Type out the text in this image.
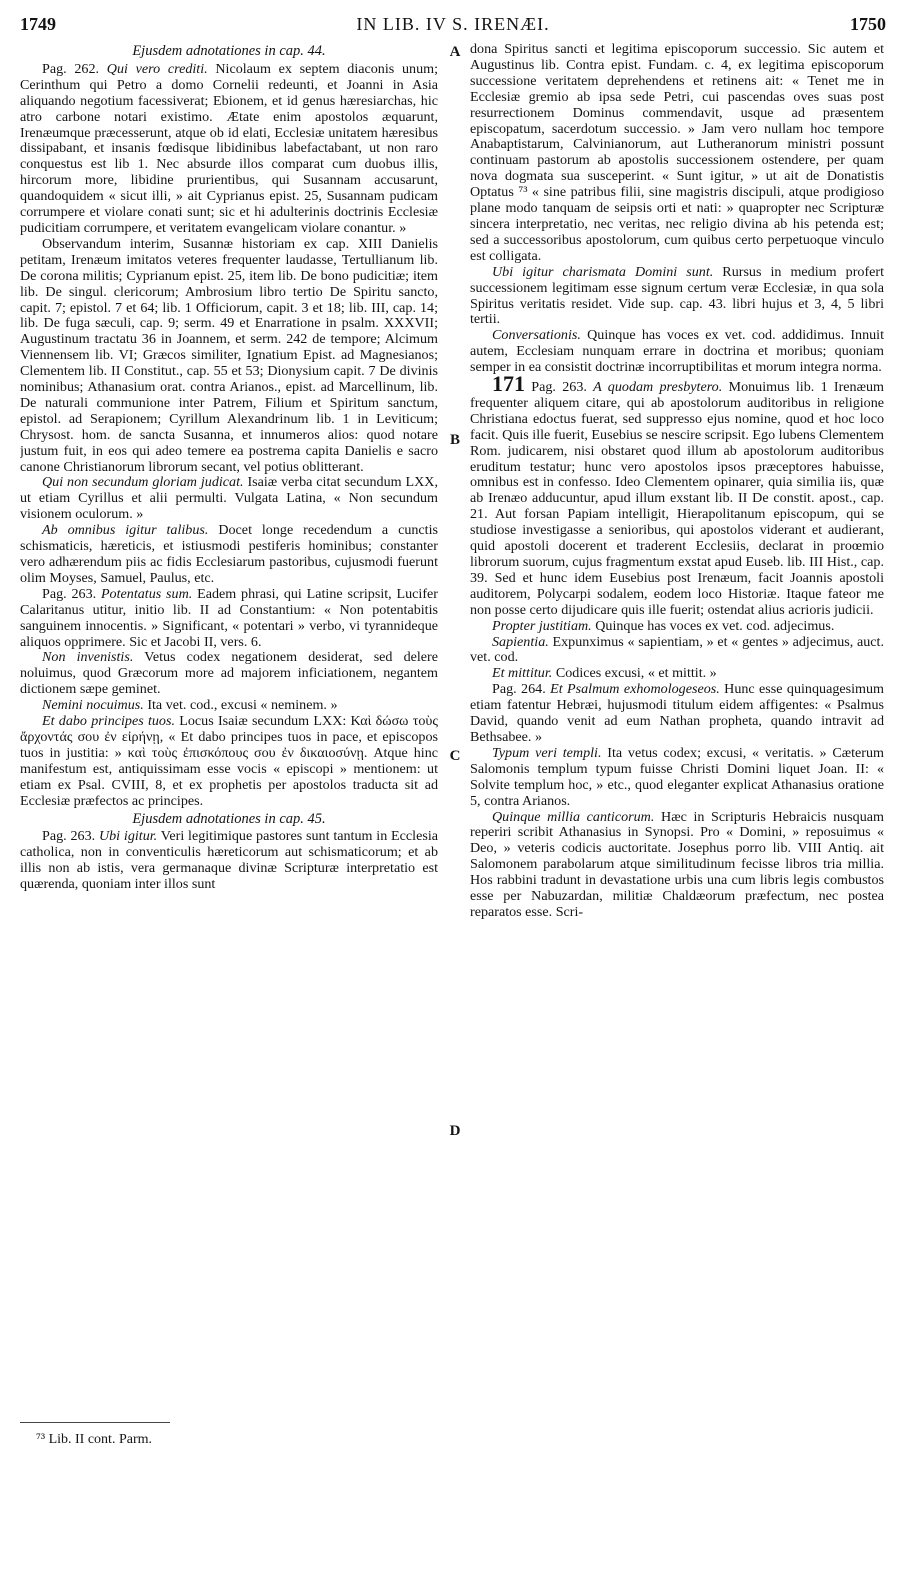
1749	IN LIB. IV S. IRENÆI.	1750
A
B
C
D
Ejusdem adnotationes in cap. 44.

Pag. 262. Qui vero crediti. Nicolaum ex septem diaconis unum; Cerinthum qui Petro a domo Cornelii redeunti, et Joanni in Asia aliquando negotium facessiverat; Ebionem, et id genus hæresiarchas, hic atro carbone notari existimo. Ætate enim apostolos æquarunt, Irenæumque præcesserunt, atque ob id elati, Ecclesiæ unitatem hæresibus dissipabant, et insanis fœdisque libidinibus labefactabant, ut non raro conquestus est lib 1. Nec absurde illos comparat cum duobus illis, hircorum more, libidine prurientibus, qui Susannam accusarunt, quandoquidem « sicut illi, » ait Cyprianus epist. 25, Susannam pudicam corrumpere et violare conati sunt; sic et hi adulterinis doctrinis Ecclesiæ pudicitiam corrumpere, et veritatem evangelicam violare conantur. »

Observandum interim, Susannæ historiam ex cap. XIII Danielis petitam, Irenæum imitatos veteres frequenter laudasse, Tertullianum lib. De corona militis; Cyprianum epist. 25, item lib. De bono pudicitiæ; item lib. De singul. clericorum; Ambrosium libro tertio De Spiritu sancto, capit. 7; epistol. 7 et 64; lib. 1 Officiorum, capit. 3 et 18; lib. III, cap. 14; lib. De fuga sæculi, cap. 9; serm. 49 et Enarratione in psalm. XXXVII; Augustinum tractatu 36 in Joannem, et serm. 242 de tempore; Alcimum Viennensem lib. VI; Græcos similiter, Ignatium Epist. ad Magnesianos; Clementem lib. II Constitut., cap. 55 et 53; Dionysium capit. 7 De divinis nominibus; Athanasium orat. contra Arianos., epist. ad Marcellinum, lib. De naturali communione inter Patrem, Filium et Spiritum sanctum, epistol. ad Serapionem; Cyrillum Alexandrinum lib. 1 in Leviticum; Chrysost. hom. de sancta Susanna, et innumeros alios: quod notare justum fuit, in eos qui adeo temere ea postrema capita Danielis e sacro canone Christianorum librorum secant, vel potius oblitterant.

Qui non secundum gloriam judicat. Isaiæ verba citat secundum LXX, ut etiam Cyrillus et alii permulti. Vulgata Latina, « Non secundum visionem oculorum. »

Ab omnibus igitur talibus. Docet longe recedendum a cunctis schismaticis, hæreticis, et istiusmodi pestiferis hominibus; constanter vero adhærendum piis ac fidis Ecclesiarum pastoribus, cujusmodi fuerunt olim Moyses, Samuel, Paulus, etc.

Pag. 263. Potentatus sum. Eadem phrasi, qui Latine scripsit, Lucifer Calaritanus utitur, initio lib. II ad Constantium: « Non potentabitis sanguinem innocentis. » Significant, « potentari » verbo, vi tyrannideque aliquos opprimere. Sic et Jacobi II, vers. 6.

Non invenistis. Vetus codex negationem desiderat, sed delere noluimus, quod Græcorum more ad majorem inficiationem, negantem dictionem sæpe geminet.

Nemini nocuimus. Ita vet. cod., excusi « neminem. »

Et dabo principes tuos. Locus Isaiæ secundum LXX: Καὶ δώσω τοὺς ἄρχοντάς σου ἐν εἰρήνῃ, « Et dabo principes tuos in pace, et episcopos tuos in justitia: » καὶ τοὺς ἐπισκόπους σου ἐν δικαιοσύνῃ. Atque hinc manifestum est, antiquissimam esse vocis « episcopi » mentionem: ut etiam ex Psal. CVIII, 8, et ex prophetis per apostolos traducta sit ad Ecclesiæ præfectos ac principes.

Ejusdem adnotationes in cap. 45.

Pag. 263. Ubi igitur. Veri legitimique pastores sunt tantum in Ecclesia catholica, non in conventiculis hæreticorum aut schismaticorum; et ab illis non ab istis, vera germanaque divinæ Scripturæ interpretatio est quærenda, quoniam inter illos sunt

dona Spiritus sancti et legitima episcoporum successio. Sic autem et Augustinus lib. Contra epist. Fundam. c. 4, ex legitima episcoporum successione veritatem deprehendens et retinens ait: « Tenet me in Ecclesiæ gremio ab ipsa sede Petri, cui pascendas oves suas post resurrectionem Dominus commendavit, usque ad præsentem episcopatum, sacerdotum successio. » Jam vero nullam hoc tempore Anabaptistarum, Calvinianorum, aut Lutheranorum ministri possunt continuam pastorum ab apostolis successionem ostendere, per quam nova dogmata sua susceperint. « Sunt igitur, » ut ait de Donatistis Optatus ⁷³ « sine patribus filii, sine magistris discipuli, atque prodigioso plane modo tanquam de seipsis orti et nati: » quapropter nec Scripturæ sincera interpretatio, nec veritas, nec religio divina ab his petenda est; sed a successoribus apostolorum, cum quibus certo perpetuoque vinculo est colligata.

Ubi igitur charismata Domini sunt. Rursus in medium profert successionem legitimam esse signum certum veræ Ecclesiæ, in qua sola Spiritus veritatis residet. Vide sup. cap. 43. libri hujus et 3, 4, 5 libri tertii.

Conversationis. Quinque has voces ex vet. cod. addidimus. Innuit autem, Ecclesiam nunquam errare in doctrina et moribus; quoniam semper in ea consistit doctrinæ incorruptibilitas et morum integra norma.

171 Pag. 263. A quodam presbytero. Monuimus lib. 1 Irenæum frequenter aliquem citare, qui ab apostolorum auditoribus in religione Christiana edoctus fuerat, sed suppresso ejus nomine, quod et hoc loco facit. Quis ille fuerit, Eusebius se nescire scripsit. Ego lubens Clementem Rom. judicarem, nisi obstaret quod illum ab apostolorum auditoribus eruditum testatur; hunc vero apostolos ipsos præceptores habuisse, omnibus est in confesso. Ideo Clementem opinarer, quia similia iis, quæ ab Irenæo adducuntur, apud illum exstant lib. II De constit. apost., cap. 21. Aut forsan Papiam intelligit, Hierapolitanum episcopum, qui se studiose investigasse a senioribus, qui apostolos viderant et audierant, quid apostoli docerent et traderent Ecclesiis, declarat in proœmio librorum suorum, cujus fragmentum exstat apud Euseb. lib. III Hist., cap. 39. Sed et hunc idem Eusebius post Irenæum, facit Joannis apostoli auditorem, Polycarpi sodalem, eodem loco Historiæ. Itaque fateor me non posse certo dijudicare quis ille fuerit; ostendat alius acrioris judicii.

Propter justitiam. Quinque has voces ex vet. cod. adjecimus.

Sapientia. Expunximus « sapientiam, » et « gentes » adjecimus, auct. vet. cod.

Et mittitur. Codices excusi, « et mittit. »

Pag. 264. Et Psalmum exhomologeseos. Hunc esse quinquagesimum etiam fatentur Hebræi, hujusmodi titulum eidem affigentes: « Psalmus David, quando venit ad eum Nathan propheta, quando intravit ad Bethsabee. »

Typum veri templi. Ita vetus codex; excusi, « veritatis. » Cæterum Salomonis templum typum fuisse Christi Domini liquet Joan. II: « Solvite templum hoc, » etc., quod eleganter explicat Athanasius oratione 5, contra Arianos.

Quinque millia canticorum. Hæc in Scripturis Hebraicis nusquam reperiri scribit Athanasius in Synopsi. Pro « Domini, » reposuimus « Deo, » veteris codicis auctoritate. Josephus porro lib. VIII Antiq. ait Salomonem parabolarum atque similitudinum fecisse libros tria millia. Hos rabbini tradunt in devastatione urbis una cum libris legis combustos esse per Nabuzardan, militiæ Chaldæorum præfectum, nec postea reparatos esse. Scri-

⁷³ Lib. II cont. Parm.
